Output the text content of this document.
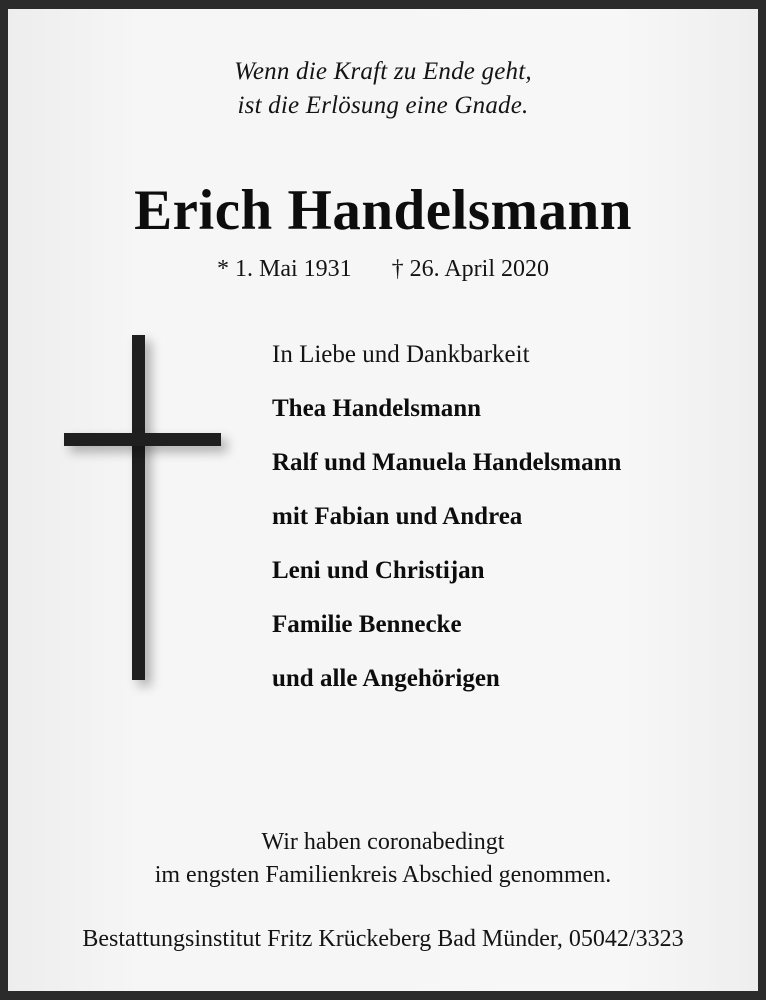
Wenn die Kraft zu Ende geht,
ist die Erlösung eine Gnade.
Erich Handelsmann
* 1. Mai 1931 † 26. April 2020
In Liebe und Dankbarkeit
Thea Handelsmann
Ralf und Manuela Handelsmann
mit Fabian und Andrea
Leni und Christijan
Familie Bennecke
und alle Angehörigen
Wir haben coronabedingt
im engsten Familienkreis Abschied genommen.
Bestattungsinstitut Fritz Krückeberg Bad Münder, 05042/3323
